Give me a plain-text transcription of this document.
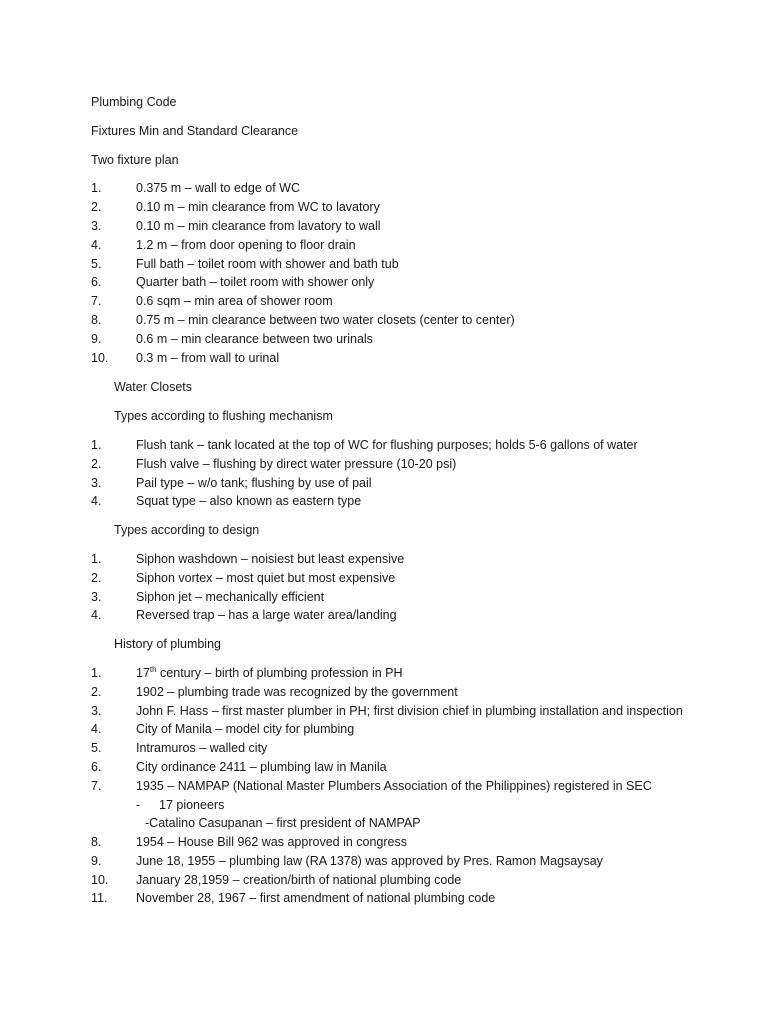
Plumbing Code

Fixtures Min and Standard Clearance

Two fixture plan

1.	0.375 m – wall to edge of WC
2.	0.10 m – min clearance from WC to lavatory
3.	0.10 m – min clearance from lavatory to wall
4.	1.2 m – from door opening to floor drain
5.	Full bath – toilet room with shower and bath tub
6.	Quarter bath – toilet room with shower only
7.	0.6 sqm – min area of shower room
8.	0.75 m – min clearance between two water closets (center to center)
9.	0.6 m – min clearance between two urinals
10.	0.3 m – from wall to urinal

Water Closets

Types according to flushing mechanism

1.	Flush tank – tank located at the top of WC for flushing purposes; holds 5-6 gallons of water
2.	Flush valve – flushing by direct water pressure (10-20 psi)
3.	Pail type – w/o tank; flushing by use of pail
4.	Squat type – also known as eastern type

Types according to design

1.	Siphon washdown – noisiest but least expensive
2.	Siphon vortex – most quiet but most expensive
3.	Siphon jet – mechanically efficient
4.	Reversed trap – has a large water area/landing

History of plumbing

1.	17th century – birth of plumbing profession in PH
2.	1902 – plumbing trade was recognized by the government
3.	John F. Hass – first master plumber in PH; first division chief in plumbing installation and inspection
4.	City of Manila – model city for plumbing
5.	Intramuros – walled city
6.	City ordinance 2411 – plumbing law in Manila
7.	1935 – NAMPAP (National Master Plumbers Association of the Philippines) registered in SEC
-	17 pioneers
-Catalino Casupanan – first president of NAMPAP
8.	1954 – House Bill 962 was approved in congress
9.	June 18, 1955 – plumbing law (RA 1378) was approved by Pres. Ramon Magsaysay
10.	January 28,1959 – creation/birth of national plumbing code
11.	November 28, 1967 – first amendment of national plumbing code
